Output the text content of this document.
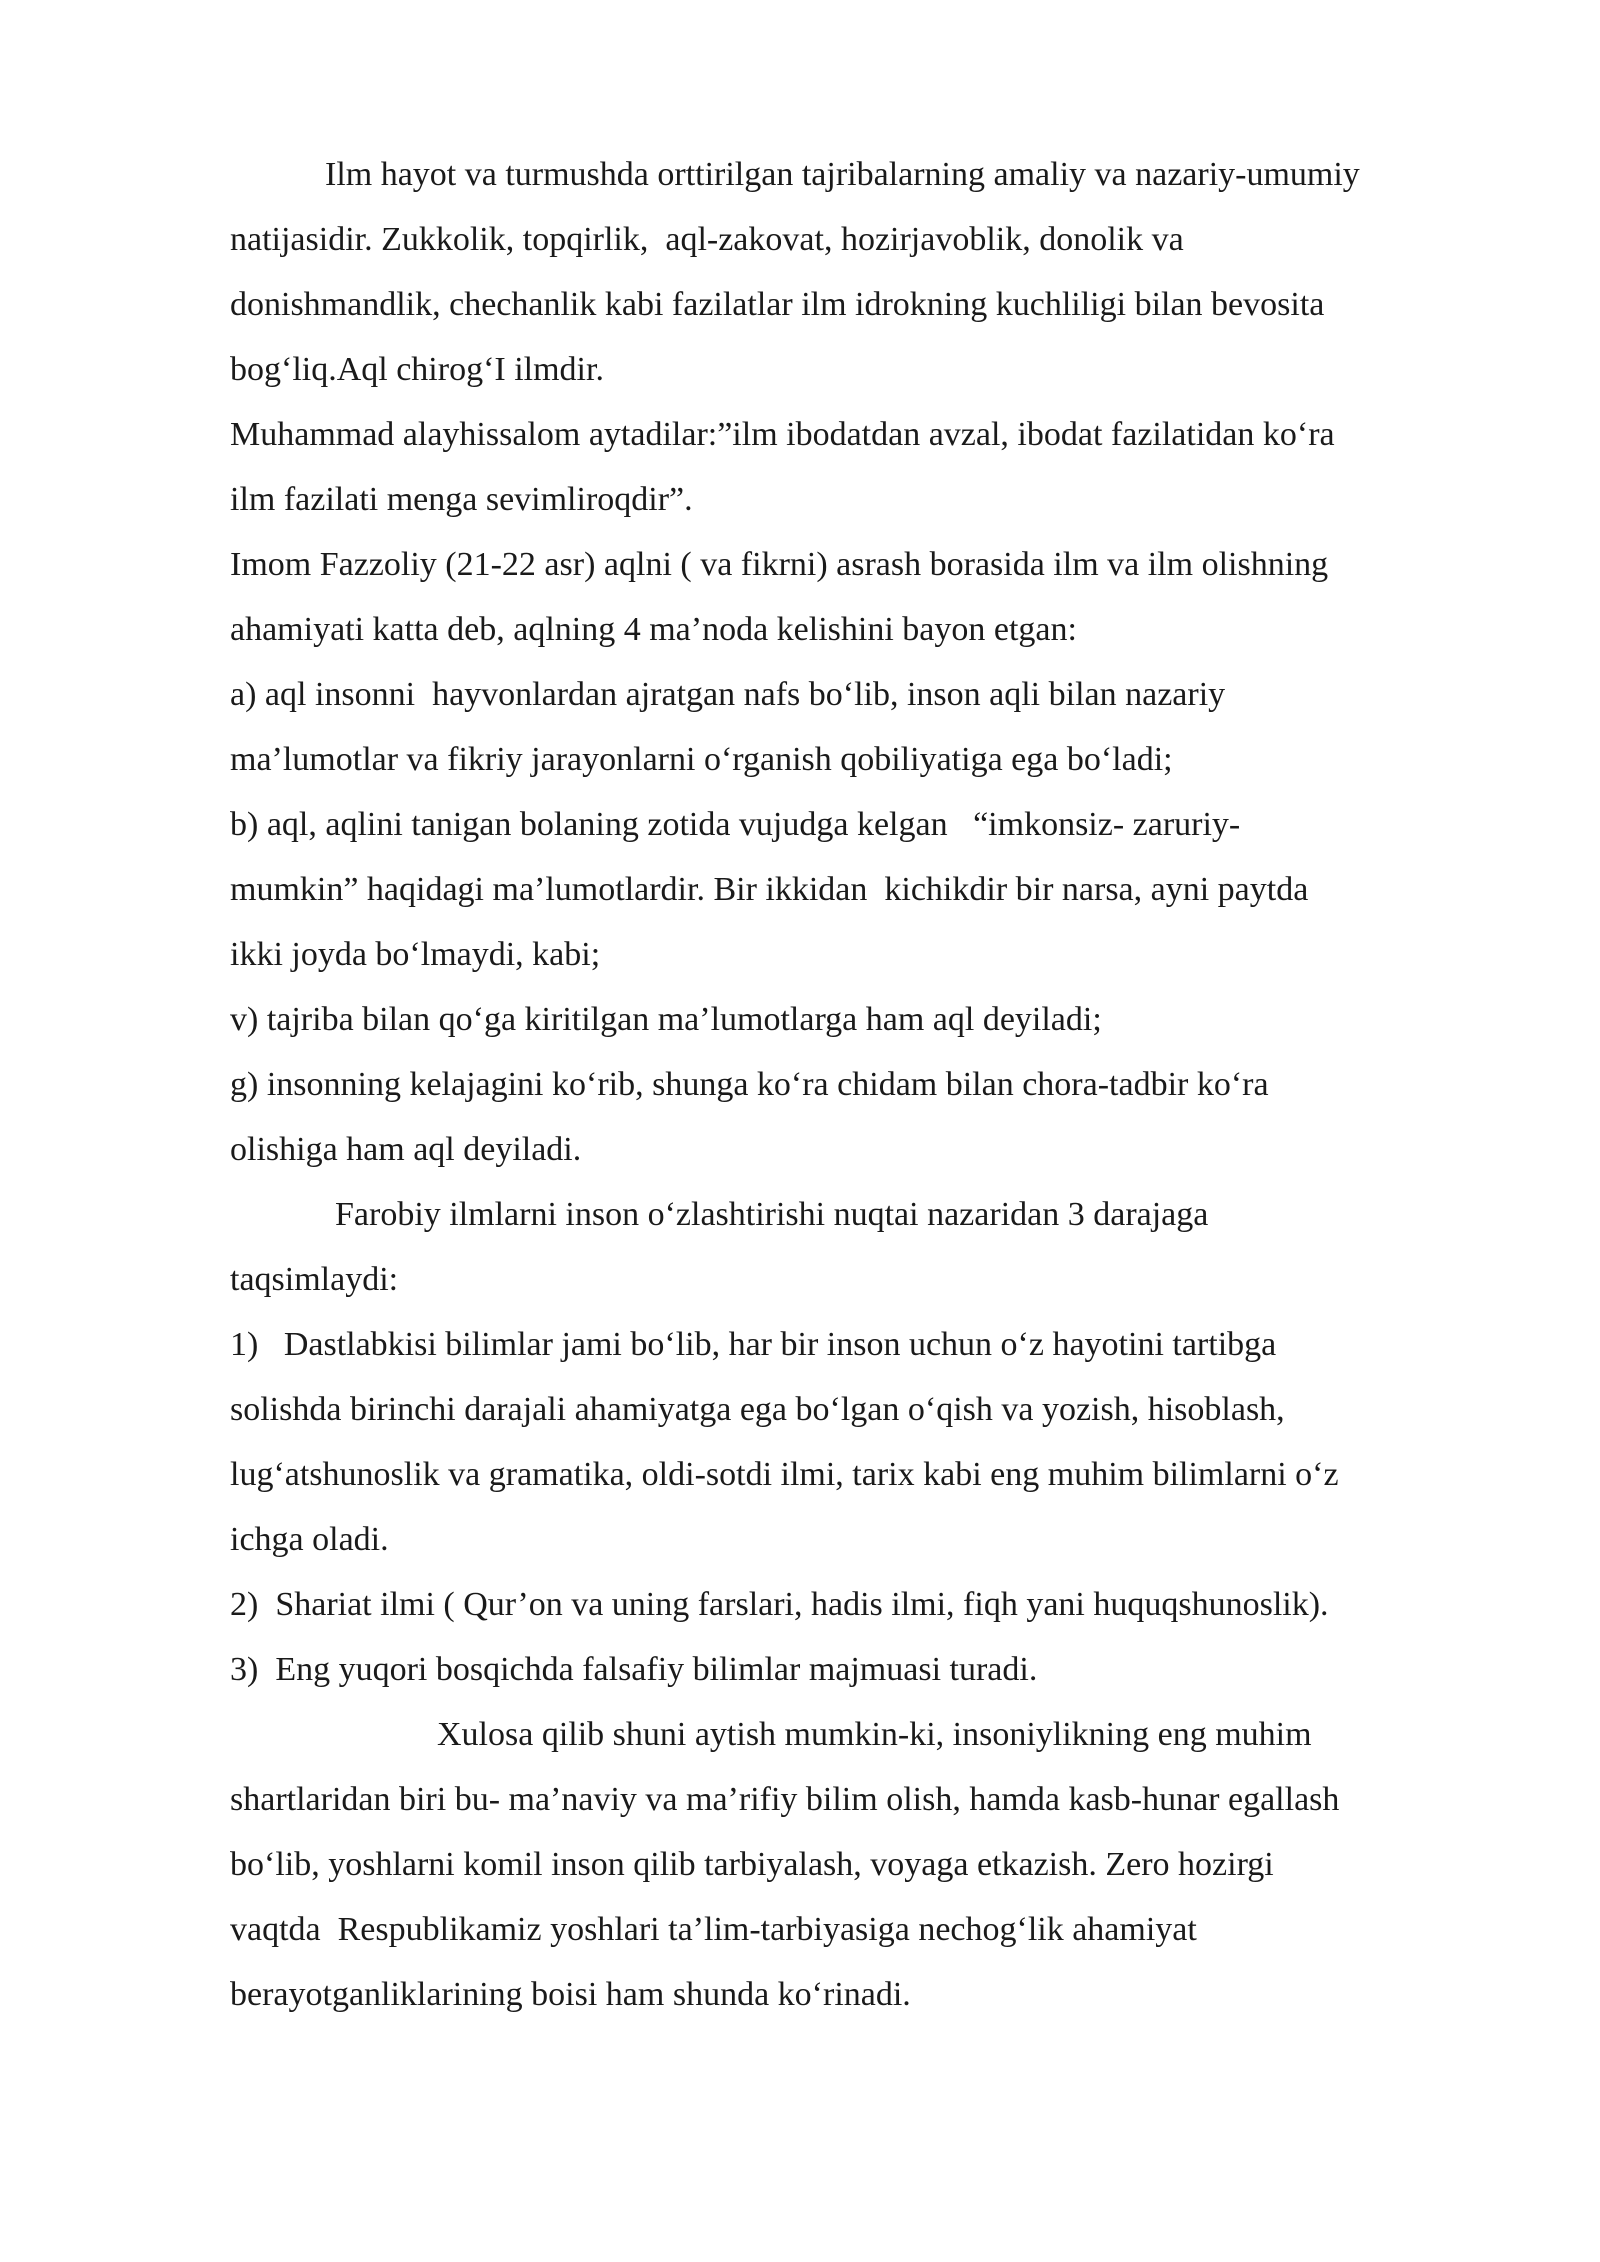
Ilm hayot va turmushda orttirilgan tajribalarning amaliy va nazariy-umumiy

natijasidir. Zukkolik, topqirlik,  aql-zakovat, hozirjavoblik, donolik va

donishmandlik, chechanlik kabi fazilatlar ilm idrokning kuchliligi bilan bevosita

bog‘liq.Aql chirog‘I ilmdir.

Muhammad alayhissalom aytadilar:”ilm ibodatdan avzal, ibodat fazilatidan ko‘ra

ilm fazilati menga sevimliroqdir”.

Imom Fazzoliy (21-22 asr) aqlni ( va fikrni) asrash borasida ilm va ilm olishning

ahamiyati katta deb, aqlning 4 ma’noda kelishini bayon etgan:

a) aql insonni  hayvonlardan ajratgan nafs bo‘lib, inson aqli bilan nazariy

ma’lumotlar va fikriy jarayonlarni o‘rganish qobiliyatiga ega bo‘ladi;

b) aql, aqlini tanigan bolaning zotida vujudga kelgan   “imkonsiz- zaruriy-

mumkin” haqidagi ma’lumotlardir. Bir ikkidan  kichikdir bir narsa, ayni paytda

ikki joyda bo‘lmaydi, kabi;

v) tajriba bilan qo‘ga kiritilgan ma’lumotlarga ham aql deyiladi;

g) insonning kelajagini ko‘rib, shunga ko‘ra chidam bilan chora-tadbir ko‘ra

olishiga ham aql deyiladi.

Farobiy ilmlarni inson o‘zlashtirishi nuqtai nazaridan 3 darajaga

taqsimlaydi:

1)   Dastlabkisi bilimlar jami bo‘lib, har bir inson uchun o‘z hayotini tartibga

solishda birinchi darajali ahamiyatga ega bo‘lgan o‘qish va yozish, hisoblash,

lug‘atshunoslik va gramatika, oldi-sotdi ilmi, tarix kabi eng muhim bilimlarni o‘z

ichga oladi.

2)  Shariat ilmi ( Qur’on va uning farslari, hadis ilmi, fiqh yani huquqshunoslik).

3)  Eng yuqori bosqichda falsafiy bilimlar majmuasi turadi.

Xulosa qilib shuni aytish mumkin-ki, insoniylikning eng muhim

shartlaridan biri bu- ma’naviy va ma’rifiy bilim olish, hamda kasb-hunar egallash

bo‘lib, yoshlarni komil inson qilib tarbiyalash, voyaga etkazish. Zero hozirgi

vaqtda  Respublikamiz yoshlari ta’lim-tarbiyasiga nechog‘lik ahamiyat

berayotganliklarining boisi ham shunda ko‘rinadi.
